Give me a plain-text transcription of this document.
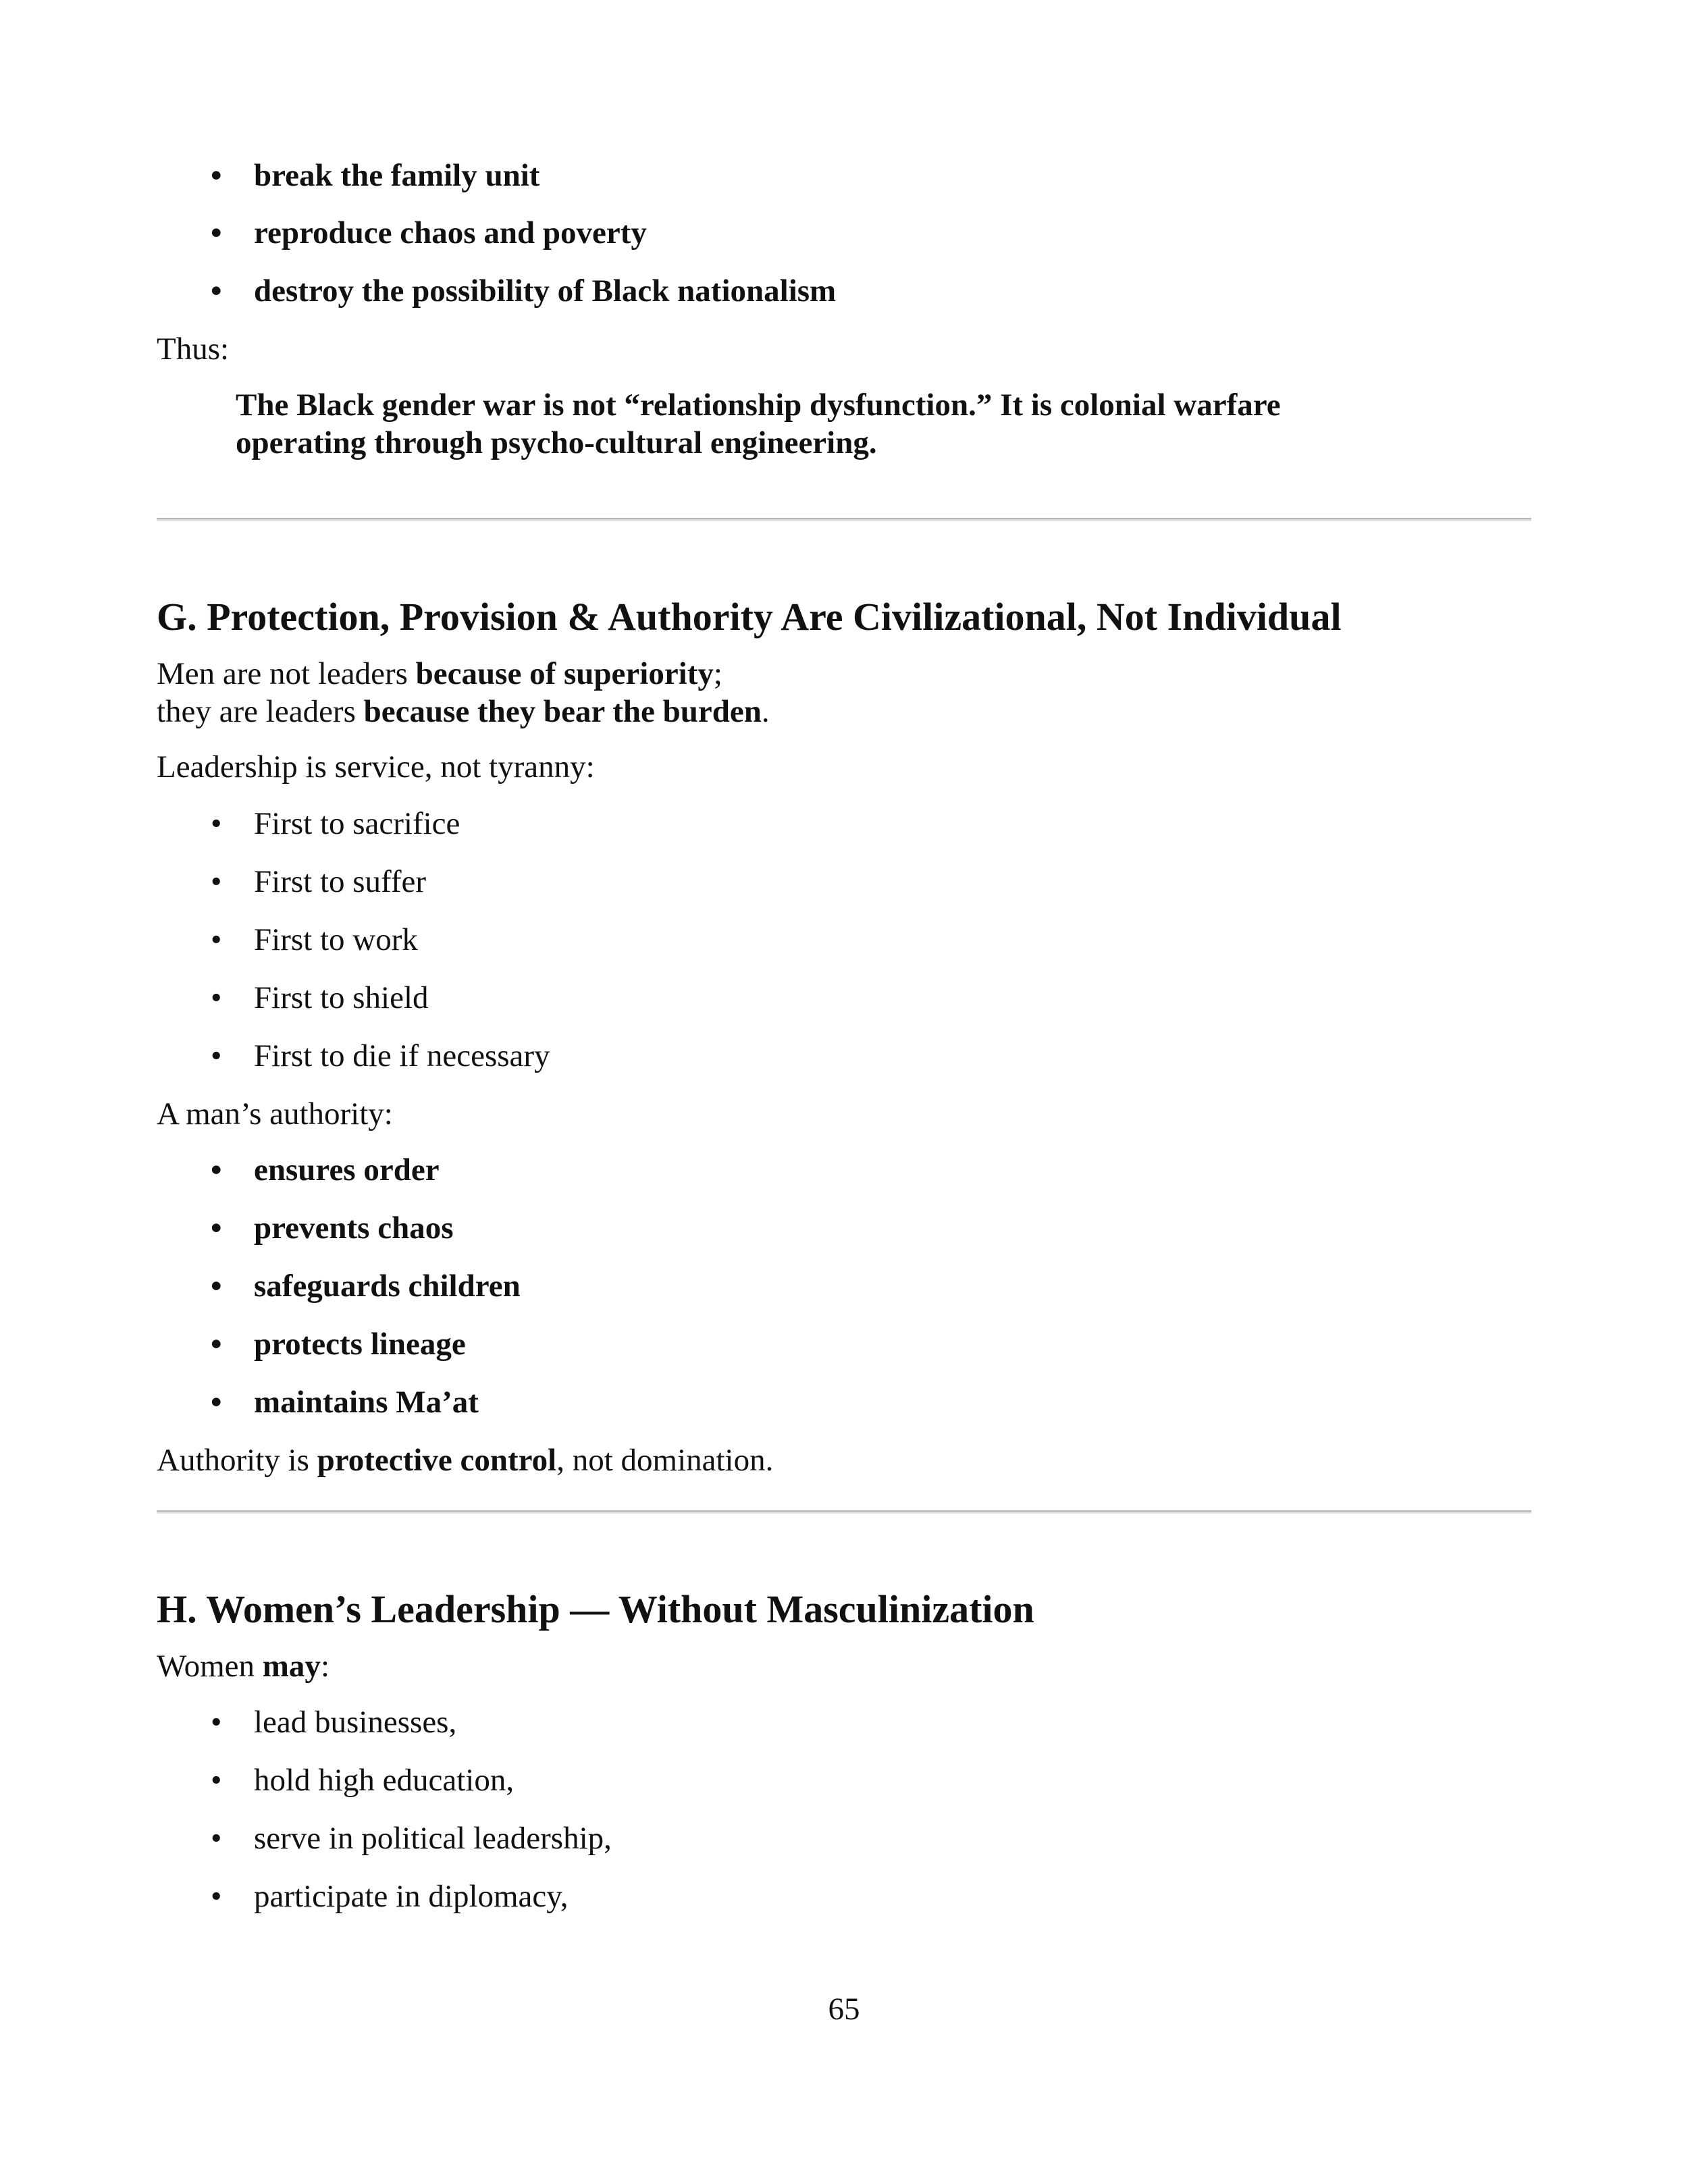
• break the family unit
• reproduce chaos and poverty
• destroy the possibility of Black nationalism
Thus:
The Black gender war is not “relationship dysfunction.” It is colonial warfare
operating through psycho-cultural engineering.
G. Protection, Provision & Authority Are Civilizational, Not Individual
Men are not leaders because of superiority;
they are leaders because they bear the burden.
Leadership is service, not tyranny:
• First to sacrifice
• First to suffer
• First to work
• First to shield
• First to die if necessary
A man’s authority:
• ensures order
• prevents chaos
• safeguards children
• protects lineage
• maintains Ma’at
Authority is protective control, not domination.
H. Women’s Leadership — Without Masculinization
Women may:
• lead businesses,
• hold high education,
• serve in political leadership,
• participate in diplomacy,
65
